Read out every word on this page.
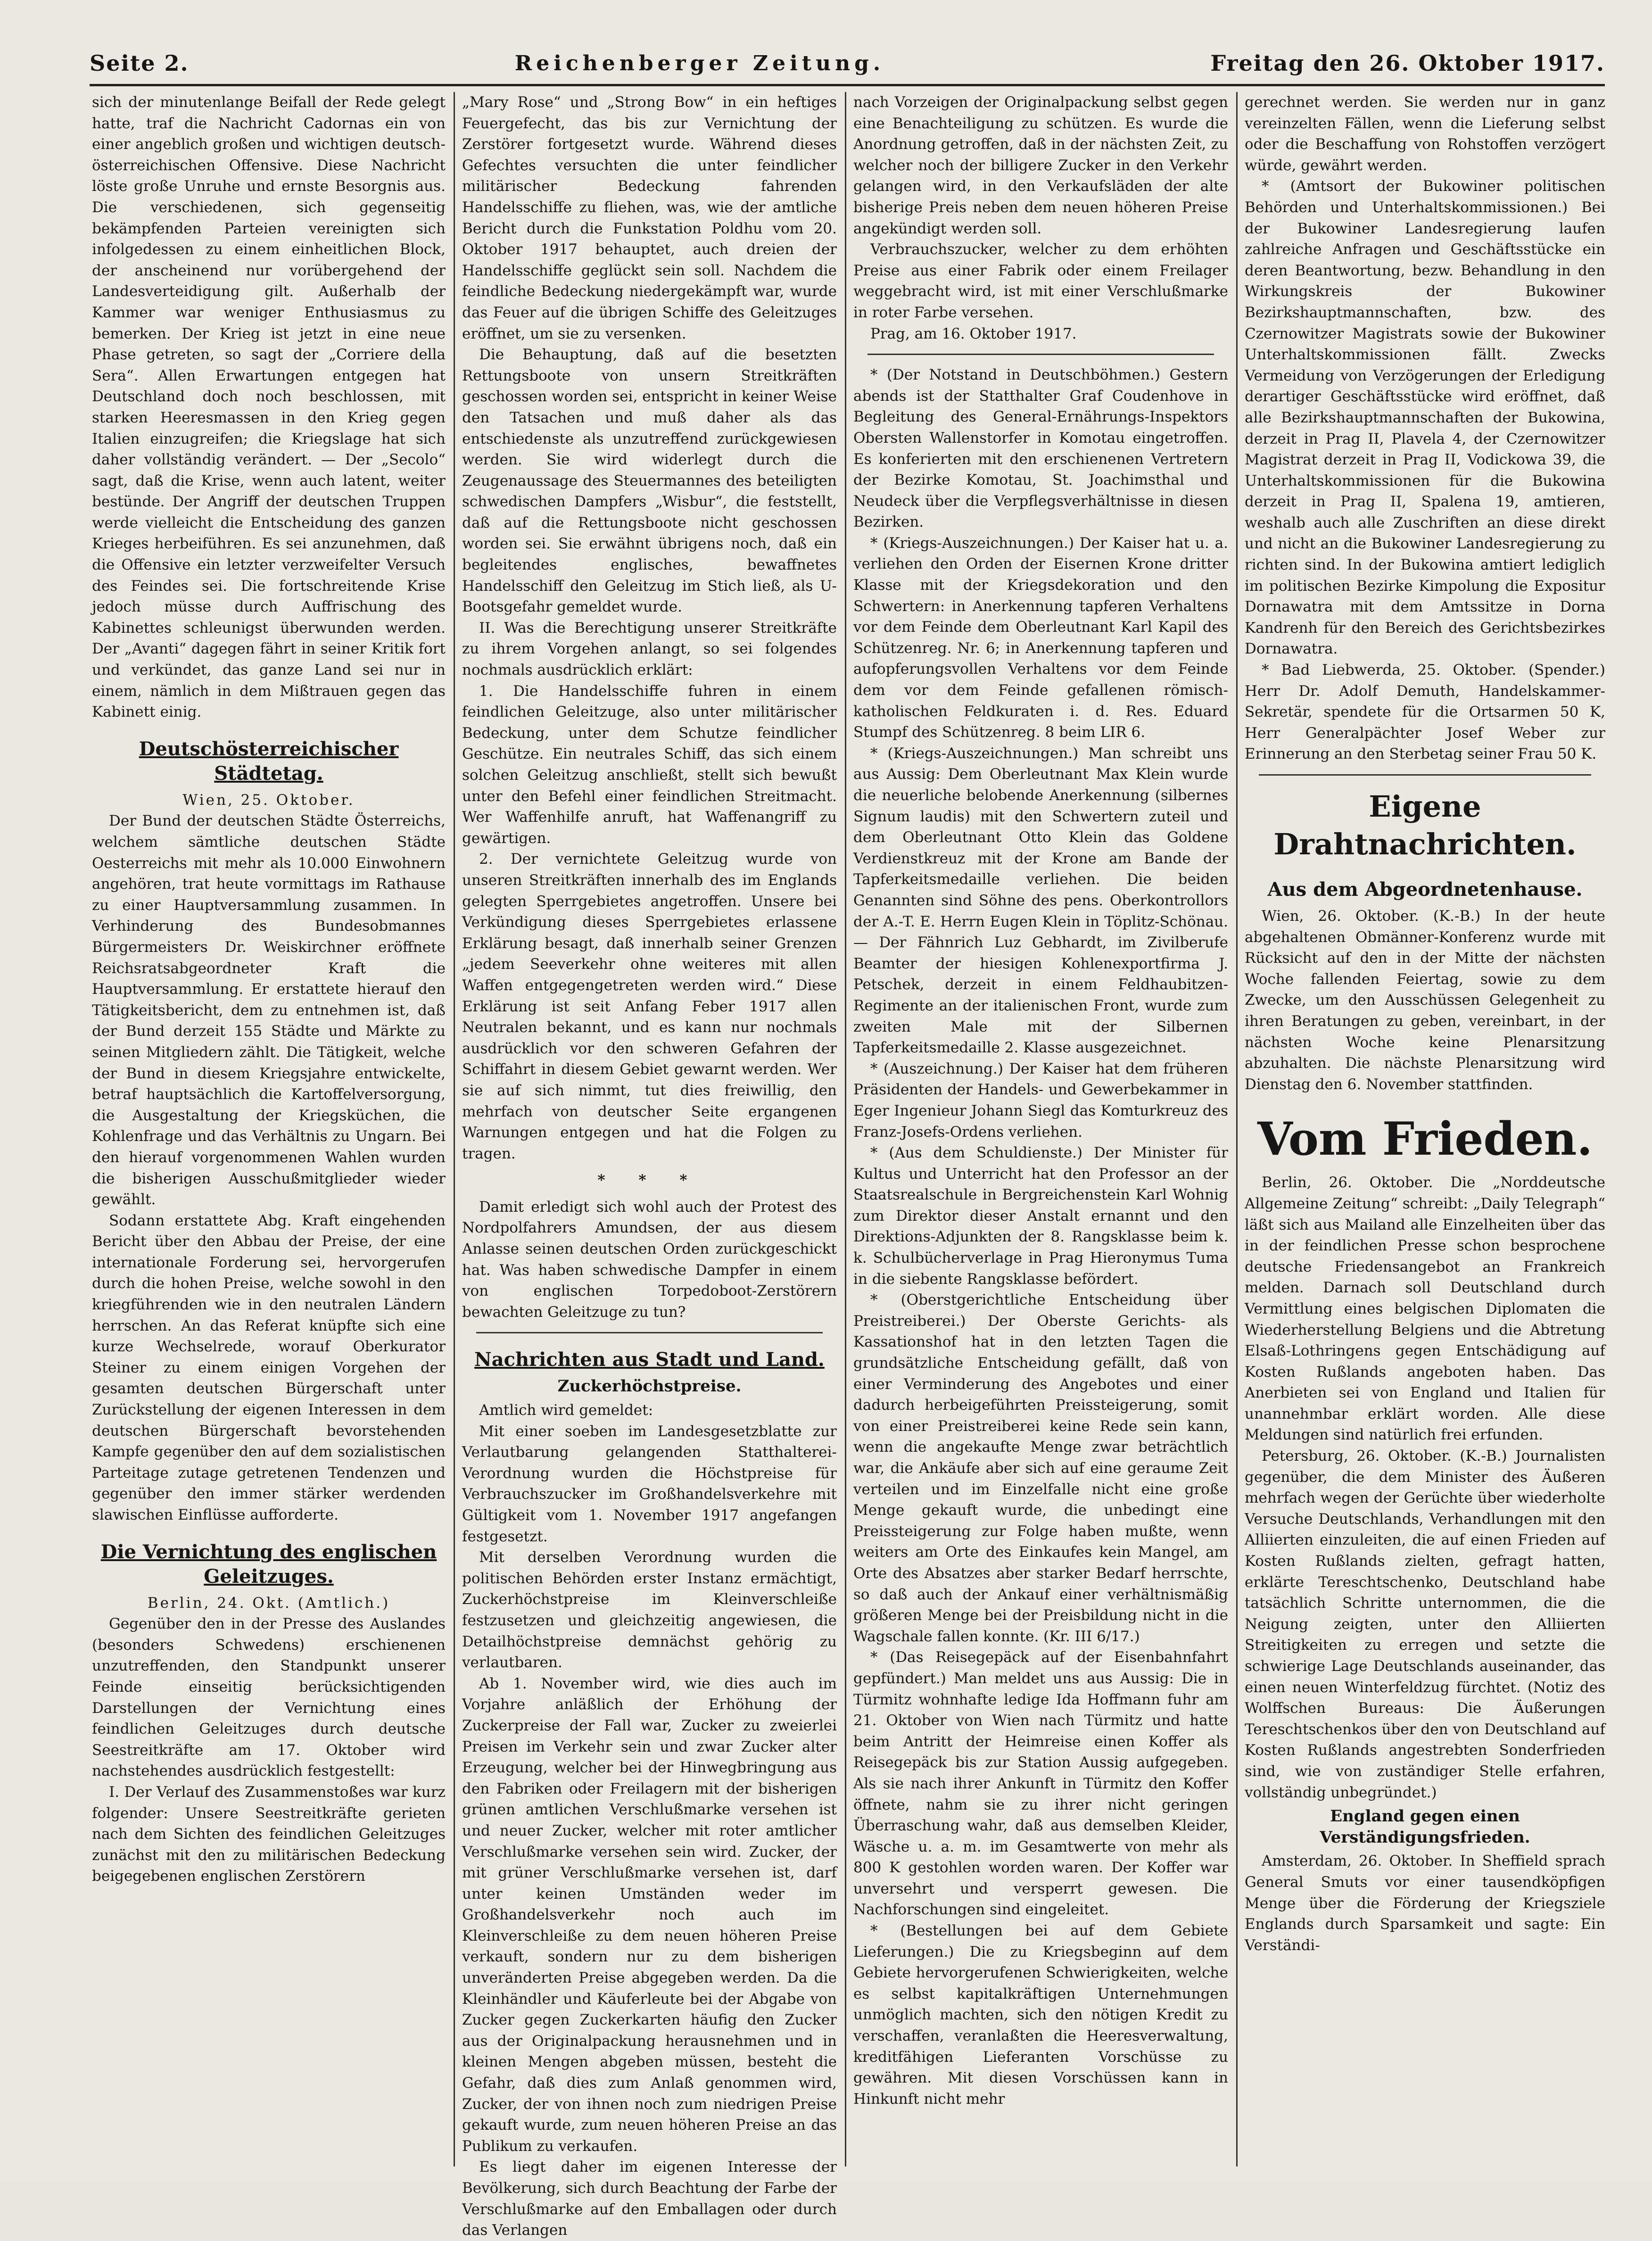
Seite 2.	Reichenberger Zeitung.	Freitag den 26. Oktober 1917.

sich der minutenlange Beifall der Rede gelegt hatte, traf die Nachricht Cadornas ein von einer angeblich großen und wichtigen deutsch-österreichischen Offensive. Diese Nachricht löste große Unruhe und ernste Besorgnis aus. Die verschiedenen, sich gegenseitig bekämpfenden Parteien vereinigten sich infolgedessen zu einem einheitlichen Block, der anscheinend nur vorübergehend der Landesverteidigung gilt. Außerhalb der Kammer war weniger Enthusiasmus zu bemerken. Der Krieg ist jetzt in eine neue Phase getreten, so sagt der „Corriere della Sera“. Allen Erwartungen entgegen hat Deutschland doch noch beschlossen, mit starken Heeresmassen in den Krieg gegen Italien einzugreifen; die Kriegslage hat sich daher vollständig verändert. — Der „Secolo“ sagt, daß die Krise, wenn auch latent, weiter bestünde. Der Angriff der deutschen Truppen werde vielleicht die Entscheidung des ganzen Krieges herbeiführen. Es sei anzunehmen, daß die Offensive ein letzter verzweifelter Versuch des Feindes sei. Die fortschreitende Krise jedoch müsse durch Auffrischung des Kabinettes schleunigst überwunden werden. Der „Avanti“ dagegen fährt in seiner Kritik fort und verkündet, das ganze Land sei nur in einem, nämlich in dem Mißtrauen gegen das Kabinett einig.

Deutschösterreichischer Städtetag.
Wien, 25. Oktober.

Der Bund der deutschen Städte Österreichs, welchem sämtliche deutschen Städte Oesterreichs mit mehr als 10.000 Einwohnern angehören, trat heute vormittags im Rathause zu einer Hauptversammlung zusammen. In Verhinderung des Bundesobmannes Bürgermeisters Dr. Weiskirchner eröffnete Reichsratsabgeordneter Kraft die Hauptversammlung. Er erstattete hierauf den Tätigkeitsbericht, dem zu entnehmen ist, daß der Bund derzeit 155 Städte und Märkte zu seinen Mitgliedern zählt. Die Tätigkeit, welche der Bund in diesem Kriegsjahre entwickelte, betraf hauptsächlich die Kartoffelversorgung, die Ausgestaltung der Kriegsküchen, die Kohlenfrage und das Verhältnis zu Ungarn. Bei den hierauf vorgenommenen Wahlen wurden die bisherigen Ausschußmitglieder wieder gewählt.

Sodann erstattete Abg. Kraft eingehenden Bericht über den Abbau der Preise, der eine internationale Forderung sei, hervorgerufen durch die hohen Preise, welche sowohl in den kriegführenden wie in den neutralen Ländern herrschen. An das Referat knüpfte sich eine kurze Wechselrede, worauf Oberkurator Steiner zu einem einigen Vorgehen der gesamten deutschen Bürgerschaft unter Zurückstellung der eigenen Interessen in dem deutschen Bürgerschaft bevorstehenden Kampfe gegenüber den auf dem sozialistischen Parteitage zutage getretenen Tendenzen und gegenüber den immer stärker werdenden slawischen Einflüsse aufforderte.

Die Vernichtung des englischen Geleitzuges.
Berlin, 24. Okt. (Amtlich.)

Gegenüber den in der Presse des Auslandes (besonders Schwedens) erschienenen unzutreffenden, den Standpunkt unserer Feinde einseitig berücksichtigenden Darstellungen der Vernichtung eines feindlichen Geleitzuges durch deutsche Seestreitkräfte am 17. Oktober wird nachstehendes ausdrücklich festgestellt:

I. Der Verlauf des Zusammenstoßes war kurz folgender: Unsere Seestreitkräfte gerieten nach dem Sichten des feindlichen Geleitzuges zunächst mit den zu militärischen Bedeckung beigegebenen englischen Zerstörern

„Mary Rose“ und „Strong Bow“ in ein heftiges Feuergefecht, das bis zur Vernichtung der Zerstörer fortgesetzt wurde. Während dieses Gefechtes versuchten die unter feindlicher militärischer Bedeckung fahrenden Handelsschiffe zu fliehen, was, wie der amtliche Bericht durch die Funkstation Poldhu vom 20. Oktober 1917 behauptet, auch dreien der Handelsschiffe geglückt sein soll. Nachdem die feindliche Bedeckung niedergekämpft war, wurde das Feuer auf die übrigen Schiffe des Geleitzuges eröffnet, um sie zu versenken.

Die Behauptung, daß auf die besetzten Rettungsboote von unsern Streitkräften geschossen worden sei, entspricht in keiner Weise den Tatsachen und muß daher als das entschiedenste als unzutreffend zurückgewiesen werden. Sie wird widerlegt durch die Zeugenaussage des Steuermannes des beteiligten schwedischen Dampfers „Wisbur“, die feststellt, daß auf die Rettungsboote nicht geschossen worden sei. Sie erwähnt übrigens noch, daß ein begleitendes englisches, bewaffnetes Handelsschiff den Geleitzug im Stich ließ, als U-Bootsgefahr gemeldet wurde.

II. Was die Berechtigung unserer Streitkräfte zu ihrem Vorgehen anlangt, so sei folgendes nochmals ausdrücklich erklärt:

1. Die Handelsschiffe fuhren in einem feindlichen Geleitzuge, also unter militärischer Bedeckung, unter dem Schutze feindlicher Geschütze. Ein neutrales Schiff, das sich einem solchen Geleitzug anschließt, stellt sich bewußt unter den Befehl einer feindlichen Streitmacht. Wer Waffenhilfe anruft, hat Waffenangriff zu gewärtigen.

2. Der vernichtete Geleitzug wurde von unseren Streitkräften innerhalb des im Englands gelegten Sperrgebietes angetroffen. Unsere bei Verkündigung dieses Sperrgebietes erlassene Erklärung besagt, daß innerhalb seiner Grenzen „jedem Seeverkehr ohne weiteres mit allen Waffen entgegengetreten werden wird.“ Diese Erklärung ist seit Anfang Feber 1917 allen Neutralen bekannt, und es kann nur nochmals ausdrücklich vor den schweren Gefahren der Schiffahrt in diesem Gebiet gewarnt werden. Wer sie auf sich nimmt, tut dies freiwillig, den mehrfach von deutscher Seite ergangenen Warnungen entgegen und hat die Folgen zu tragen.

* * *

Damit erledigt sich wohl auch der Protest des Nordpolfahrers Amundsen, der aus diesem Anlasse seinen deutschen Orden zurückgeschickt hat. Was haben schwedische Dampfer in einem von englischen Torpedoboot-Zerstörern bewachten Geleitzuge zu tun?

Nachrichten aus Stadt und Land.
Zuckerhöchstpreise.

Amtlich wird gemeldet:

Mit einer soeben im Landesgesetzblatte zur Verlautbarung gelangenden Statthalterei-Verordnung wurden die Höchstpreise für Verbrauchszucker im Großhandelsverkehre mit Gültigkeit vom 1. November 1917 angefangen festgesetzt.

Mit derselben Verordnung wurden die politischen Behörden erster Instanz ermächtigt, Zuckerhöchstpreise im Kleinverschleiße festzusetzen und gleichzeitig angewiesen, die Detailhöchstpreise demnächst gehörig zu verlautbaren.

Ab 1. November wird, wie dies auch im Vorjahre anläßlich der Erhöhung der Zuckerpreise der Fall war, Zucker zu zweierlei Preisen im Verkehr sein und zwar Zucker alter Erzeugung, welcher bei der Hinwegbringung aus den Fabriken oder Freilagern mit der bisherigen grünen amtlichen Verschlußmarke versehen ist und neuer Zucker, welcher mit roter amtlicher Verschlußmarke versehen sein wird. Zucker, der mit grüner Verschlußmarke versehen ist, darf unter keinen Umständen weder im Großhandelsverkehr noch auch im Kleinverschleiße zu dem neuen höheren Preise verkauft, sondern nur zu dem bisherigen unveränderten Preise abgegeben werden. Da die Kleinhändler und Käuferleute bei der Abgabe von Zucker gegen Zuckerkarten häufig den Zucker aus der Originalpackung herausnehmen und in kleinen Mengen abgeben müssen, besteht die Gefahr, daß dies zum Anlaß genommen wird, Zucker, der von ihnen noch zum niedrigen Preise gekauft wurde, zum neuen höheren Preise an das Publikum zu verkaufen.

Es liegt daher im eigenen Interesse der Bevölkerung, sich durch Beachtung der Farbe der Verschlußmarke auf den Emballagen oder durch das Verlangen

nach Vorzeigen der Originalpackung selbst gegen eine Benachteiligung zu schützen. Es wurde die Anordnung getroffen, daß in der nächsten Zeit, zu welcher noch der billigere Zucker in den Verkehr gelangen wird, in den Verkaufsläden der alte bisherige Preis neben dem neuen höheren Preise angekündigt werden soll.

Verbrauchszucker, welcher zu dem erhöhten Preise aus einer Fabrik oder einem Freilager weggebracht wird, ist mit einer Verschlußmarke in roter Farbe versehen.

Prag, am 16. Oktober 1917.

* (Der Notstand in Deutschböhmen.) Gestern abends ist der Statthalter Graf Coudenhove in Begleitung des General-Ernährungs-Inspektors Obersten Wallenstorfer in Komotau eingetroffen. Es konferierten mit den erschienenen Vertretern der Bezirke Komotau, St. Joachimsthal und Neudeck über die Verpflegsverhältnisse in diesen Bezirken.

* (Kriegs-Auszeichnungen.) Der Kaiser hat u. a. verliehen den Orden der Eisernen Krone dritter Klasse mit der Kriegsdekoration und den Schwertern: in Anerkennung tapferen Verhaltens vor dem Feinde dem Oberleutnant Karl Kapil des Schützenreg. Nr. 6; in Anerkennung tapferen und aufopferungsvollen Verhaltens vor dem Feinde dem vor dem Feinde gefallenen römisch-katholischen Feldkuraten i. d. Res. Eduard Stumpf des Schützenreg. 8 beim LIR 6.

* (Kriegs-Auszeichnungen.) Man schreibt uns aus Aussig: Dem Oberleutnant Max Klein wurde die neuerliche belobende Anerkennung (silbernes Signum laudis) mit den Schwertern zuteil und dem Oberleutnant Otto Klein das Goldene Verdienstkreuz mit der Krone am Bande der Tapferkeitsmedaille verliehen. Die beiden Genannten sind Söhne des pens. Oberkontrollors der A.-T. E. Herrn Eugen Klein in Töplitz-Schönau. — Der Fähnrich Luz Gebhardt, im Zivilberufe Beamter der hiesigen Kohlenexportfirma J. Petschek, derzeit in einem Feldhaubitzen-Regimente an der italienischen Front, wurde zum zweiten Male mit der Silbernen Tapferkeitsmedaille 2. Klasse ausgezeichnet.

* (Auszeichnung.) Der Kaiser hat dem früheren Präsidenten der Handels- und Gewerbekammer in Eger Ingenieur Johann Siegl das Komturkreuz des Franz-Josefs-Ordens verliehen.

* (Aus dem Schuldienste.) Der Minister für Kultus und Unterricht hat den Professor an der Staatsrealschule in Bergreichenstein Karl Wohnig zum Direktor dieser Anstalt ernannt und den Direktions-Adjunkten der 8. Rangsklasse beim k. k. Schulbücherverlage in Prag Hieronymus Tuma in die siebente Rangsklasse befördert.

* (Oberstgerichtliche Entscheidung über Preistreiberei.) Der Oberste Gerichts- als Kassationshof hat in den letzten Tagen die grundsätzliche Entscheidung gefällt, daß von einer Verminderung des Angebotes und einer dadurch herbeigeführten Preissteigerung, somit von einer Preistreiberei keine Rede sein kann, wenn die angekaufte Menge zwar beträchtlich war, die Ankäufe aber sich auf eine geraume Zeit verteilen und im Einzelfalle nicht eine große Menge gekauft wurde, die unbedingt eine Preissteigerung zur Folge haben mußte, wenn weiters am Orte des Einkaufes kein Mangel, am Orte des Absatzes aber starker Bedarf herrschte, so daß auch der Ankauf einer verhältnismäßig größeren Menge bei der Preisbildung nicht in die Wagschale fallen konnte. (Kr. III 6/17.)

* (Das Reisegepäck auf der Eisenbahnfahrt gepfündert.) Man meldet uns aus Aussig: Die in Türmitz wohnhafte ledige Ida Hoffmann fuhr am 21. Oktober von Wien nach Türmitz und hatte beim Antritt der Heimreise einen Koffer als Reisegepäck bis zur Station Aussig aufgegeben. Als sie nach ihrer Ankunft in Türmitz den Koffer öffnete, nahm sie zu ihrer nicht geringen Überraschung wahr, daß aus demselben Kleider, Wäsche u. a. m. im Gesamtwerte von mehr als 800 K gestohlen worden waren. Der Koffer war unversehrt und versperrt gewesen. Die Nachforschungen sind eingeleitet.

* (Bestellungen bei auf dem Gebiete Lieferungen.) Die zu Kriegsbeginn auf dem Gebiete hervorgerufenen Schwierigkeiten, welche es selbst kapitalkräftigen Unternehmungen unmöglich machten, sich den nötigen Kredit zu verschaffen, veranlaßten die Heeresverwaltung, kreditfähigen Lieferanten Vorschüsse zu gewähren. Mit diesen Vorschüssen kann in Hinkunft nicht mehr

gerechnet werden. Sie werden nur in ganz vereinzelten Fällen, wenn die Lieferung selbst oder die Beschaffung von Rohstoffen verzögert würde, gewährt werden.

* (Amtsort der Bukowiner politischen Behörden und Unterhaltskommissionen.) Bei der Bukowiner Landesregierung laufen zahlreiche Anfragen und Geschäftsstücke ein deren Beantwortung, bezw. Behandlung in den Wirkungskreis der Bukowiner Bezirkshauptmannschaften, bzw. des Czernowitzer Magistrats sowie der Bukowiner Unterhaltskommissionen fällt. Zwecks Vermeidung von Verzögerungen der Erledigung derartiger Geschäftsstücke wird eröffnet, daß alle Bezirkshauptmannschaften der Bukowina, derzeit in Prag II, Plavela 4, der Czernowitzer Magistrat derzeit in Prag II, Vodickowa 39, die Unterhaltskommissionen für die Bukowina derzeit in Prag II, Spalena 19, amtieren, weshalb auch alle Zuschriften an diese direkt und nicht an die Bukowiner Landesregierung zu richten sind. In der Bukowina amtiert lediglich im politischen Bezirke Kimpolung die Expositur Dornawatra mit dem Amtssitze in Dorna Kandrenh für den Bereich des Gerichtsbezirkes Dornawatra.

* Bad Liebwerda, 25. Oktober. (Spender.) Herr Dr. Adolf Demuth, Handelskammer-Sekretär, spendete für die Ortsarmen 50 K, Herr Generalpächter Josef Weber zur Erinnerung an den Sterbetag seiner Frau 50 K.

Eigene Drahtnachrichten.
Aus dem Abgeordnetenhause.

Wien, 26. Oktober. (K.-B.) In der heute abgehaltenen Obmänner-Konferenz wurde mit Rücksicht auf den in der Mitte der nächsten Woche fallenden Feiertag, sowie zu dem Zwecke, um den Ausschüssen Gelegenheit zu ihren Beratungen zu geben, vereinbart, in der nächsten Woche keine Plenarsitzung abzuhalten. Die nächste Plenarsitzung wird Dienstag den 6. November stattfinden.

Vom Frieden.

Berlin, 26. Oktober. Die „Norddeutsche Allgemeine Zeitung“ schreibt: „Daily Telegraph“ läßt sich aus Mailand alle Einzelheiten über das in der feindlichen Presse schon besprochene deutsche Friedensangebot an Frankreich melden. Darnach soll Deutschland durch Vermittlung eines belgischen Diplomaten die Wiederherstellung Belgiens und die Abtretung Elsaß-Lothringens gegen Entschädigung auf Kosten Rußlands angeboten haben. Das Anerbieten sei von England und Italien für unannehmbar erklärt worden. Alle diese Meldungen sind natürlich frei erfunden.

Petersburg, 26. Oktober. (K.-B.) Journalisten gegenüber, die dem Minister des Äußeren mehrfach wegen der Gerüchte über wiederholte Versuche Deutschlands, Verhandlungen mit den Alliierten einzuleiten, die auf einen Frieden auf Kosten Rußlands zielten, gefragt hatten, erklärte Tereschtschenko, Deutschland habe tatsächlich Schritte unternommen, die die Neigung zeigten, unter den Alliierten Streitigkeiten zu erregen und setzte die schwierige Lage Deutschlands auseinander, das einen neuen Winterfeldzug fürchtet. (Notiz des Wolffschen Bureaus: Die Äußerungen Tereschtschenkos über den von Deutschland auf Kosten Rußlands angestrebten Sonderfrieden sind, wie von zuständiger Stelle erfahren, vollständig unbegründet.)

England gegen einen Verständigungsfrieden.

Amsterdam, 26. Oktober. In Sheffield sprach General Smuts vor einer tausendköpfigen Menge über die Förderung der Kriegsziele Englands durch Sparsamkeit und sagte: Ein Verständi-
